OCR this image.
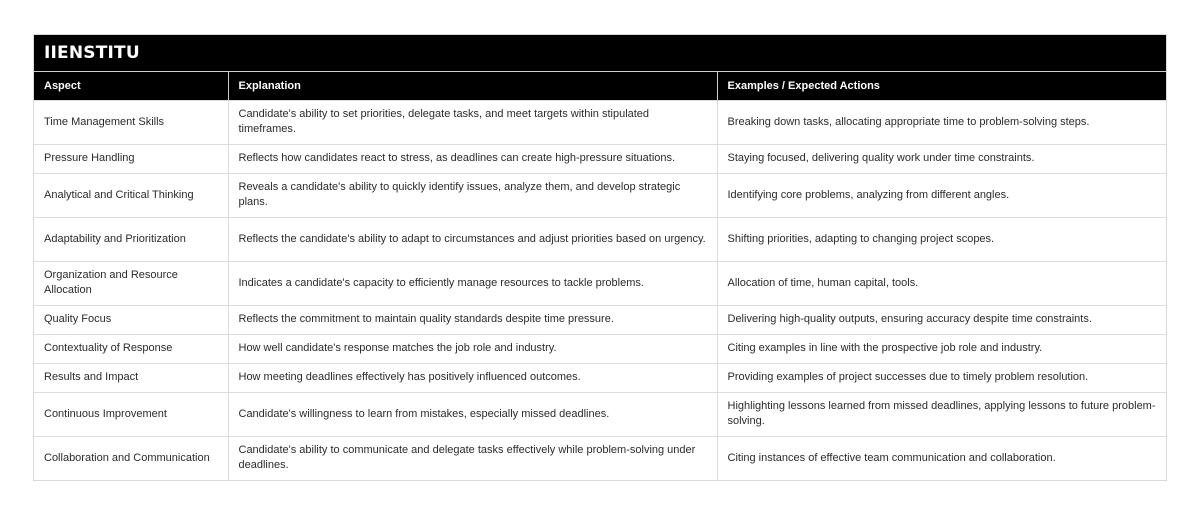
IIENSTITU
Aspect	Explanation	Examples / Expected Actions
Time Management Skills	Candidate's ability to set priorities, delegate tasks, and meet targets within stipulated timeframes.	Breaking down tasks, allocating appropriate time to problem-solving steps.
Pressure Handling	Reflects how candidates react to stress, as deadlines can create high-pressure situations.	Staying focused, delivering quality work under time constraints.
Analytical and Critical Thinking	Reveals a candidate's ability to quickly identify issues, analyze them, and develop strategic plans.	Identifying core problems, analyzing from different angles.
Adaptability and Prioritization	Reflects the candidate's ability to adapt to circumstances and adjust priorities based on urgency.	Shifting priorities, adapting to changing project scopes.
Organization and Resource Allocation	Indicates a candidate's capacity to efficiently manage resources to tackle problems.	Allocation of time, human capital, tools.
Quality Focus	Reflects the commitment to maintain quality standards despite time pressure.	Delivering high-quality outputs, ensuring accuracy despite time constraints.
Contextuality of Response	How well candidate's response matches the job role and industry.	Citing examples in line with the prospective job role and industry.
Results and Impact	How meeting deadlines effectively has positively influenced outcomes.	Providing examples of project successes due to timely problem resolution.
Continuous Improvement	Candidate's willingness to learn from mistakes, especially missed deadlines.	Highlighting lessons learned from missed deadlines, applying lessons to future problem-solving.
Collaboration and Communication	Candidate's ability to communicate and delegate tasks effectively while problem-solving under deadlines.	Citing instances of effective team communication and collaboration.
